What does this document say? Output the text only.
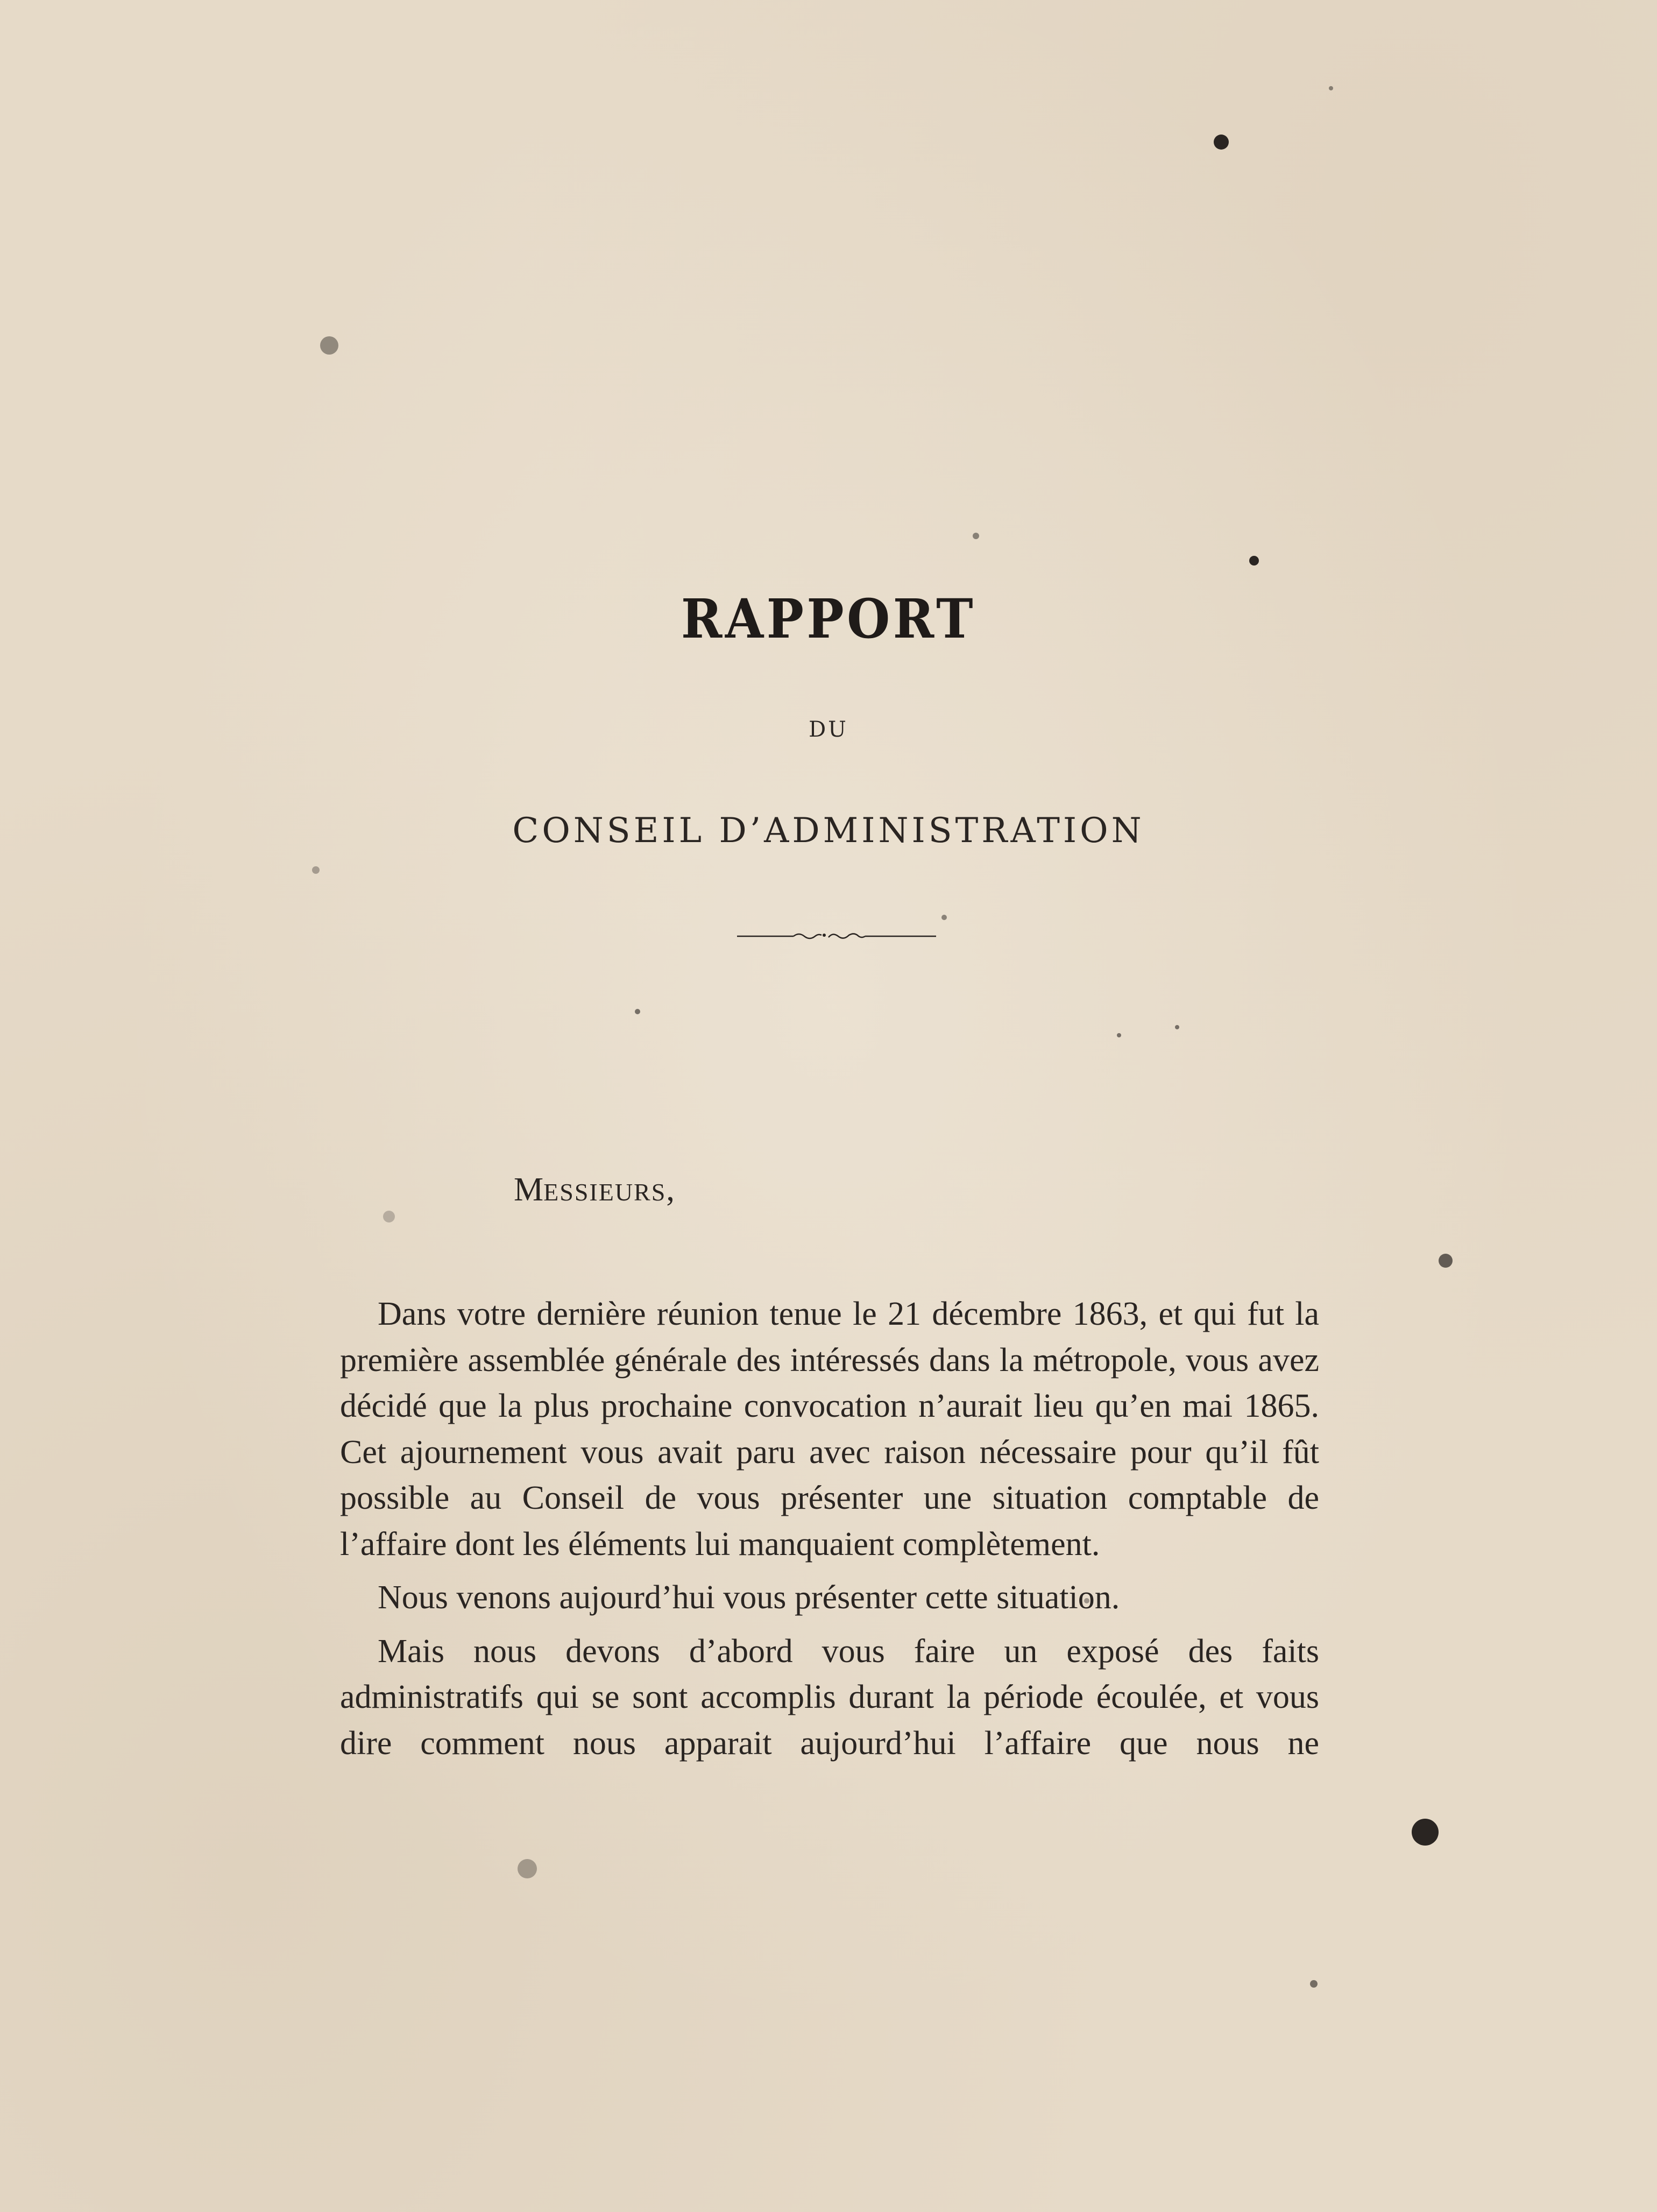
RAPPORT
DU
CONSEIL D’ADMINISTRATION
MESSIEURS,

Dans votre dernière réunion tenue le 21 décembre 1863, et qui fut la première assemblée générale des intéressés dans la métropole, vous avez décidé que la plus prochaine convocation n’aurait lieu qu’en mai 1865. Cet ajournement vous avait paru avec raison nécessaire pour qu’il fût possible au Conseil de vous présenter une situation comptable de l’affaire dont les éléments lui manquaient complètement.

Nous venons aujourd’hui vous présenter cette situation.

Mais nous devons d’abord vous faire un exposé des faits administratifs qui se sont accomplis durant la période écoulée, et vous dire comment nous apparait aujourd’hui l’affaire que nous ne
